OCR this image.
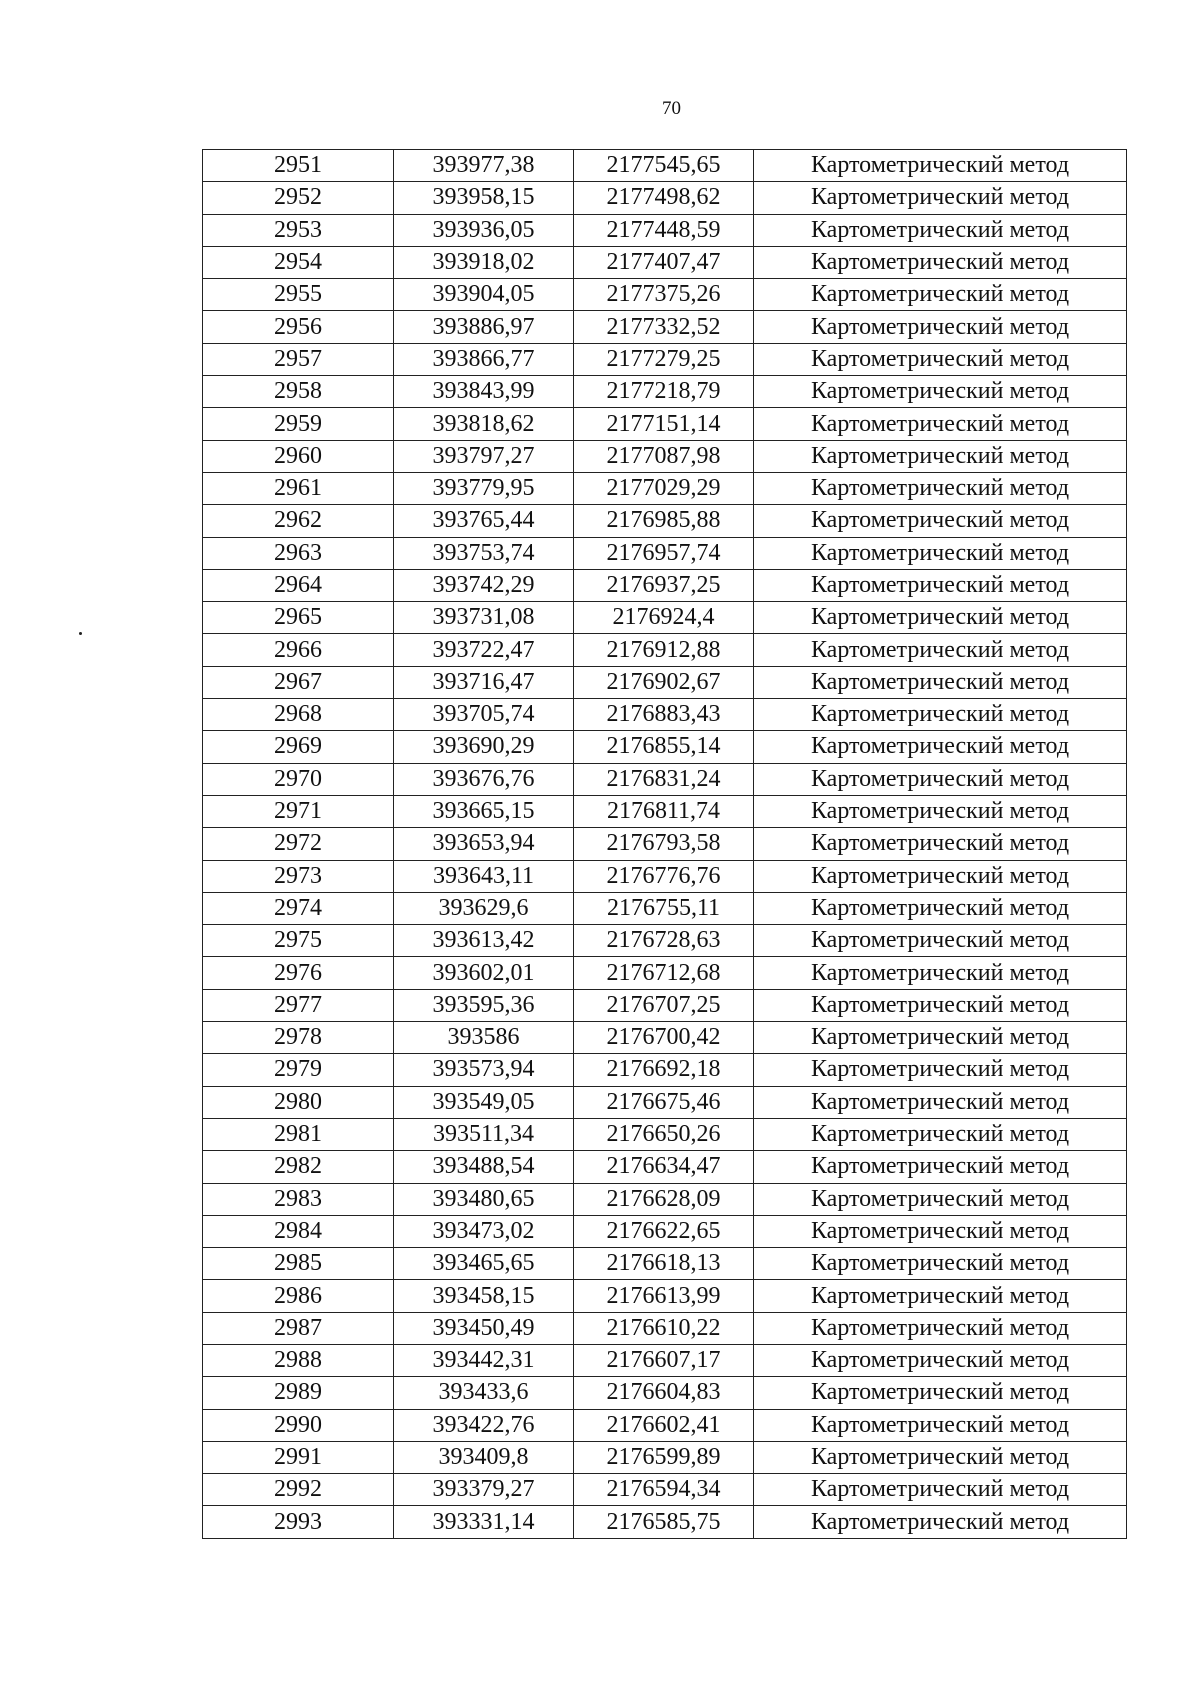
70
2951	393977,38	2177545,65	Картометрический метод
2952	393958,15	2177498,62	Картометрический метод
2953	393936,05	2177448,59	Картометрический метод
2954	393918,02	2177407,47	Картометрический метод
2955	393904,05	2177375,26	Картометрический метод
2956	393886,97	2177332,52	Картометрический метод
2957	393866,77	2177279,25	Картометрический метод
2958	393843,99	2177218,79	Картометрический метод
2959	393818,62	2177151,14	Картометрический метод
2960	393797,27	2177087,98	Картометрический метод
2961	393779,95	2177029,29	Картометрический метод
2962	393765,44	2176985,88	Картометрический метод
2963	393753,74	2176957,74	Картометрический метод
2964	393742,29	2176937,25	Картометрический метод
2965	393731,08	2176924,4	Картометрический метод
2966	393722,47	2176912,88	Картометрический метод
2967	393716,47	2176902,67	Картометрический метод
2968	393705,74	2176883,43	Картометрический метод
2969	393690,29	2176855,14	Картометрический метод
2970	393676,76	2176831,24	Картометрический метод
2971	393665,15	2176811,74	Картометрический метод
2972	393653,94	2176793,58	Картометрический метод
2973	393643,11	2176776,76	Картометрический метод
2974	393629,6	2176755,11	Картометрический метод
2975	393613,42	2176728,63	Картометрический метод
2976	393602,01	2176712,68	Картометрический метод
2977	393595,36	2176707,25	Картометрический метод
2978	393586	2176700,42	Картометрический метод
2979	393573,94	2176692,18	Картометрический метод
2980	393549,05	2176675,46	Картометрический метод
2981	393511,34	2176650,26	Картометрический метод
2982	393488,54	2176634,47	Картометрический метод
2983	393480,65	2176628,09	Картометрический метод
2984	393473,02	2176622,65	Картометрический метод
2985	393465,65	2176618,13	Картометрический метод
2986	393458,15	2176613,99	Картометрический метод
2987	393450,49	2176610,22	Картометрический метод
2988	393442,31	2176607,17	Картометрический метод
2989	393433,6	2176604,83	Картометрический метод
2990	393422,76	2176602,41	Картометрический метод
2991	393409,8	2176599,89	Картометрический метод
2992	393379,27	2176594,34	Картометрический метод
2993	393331,14	2176585,75	Картометрический метод
